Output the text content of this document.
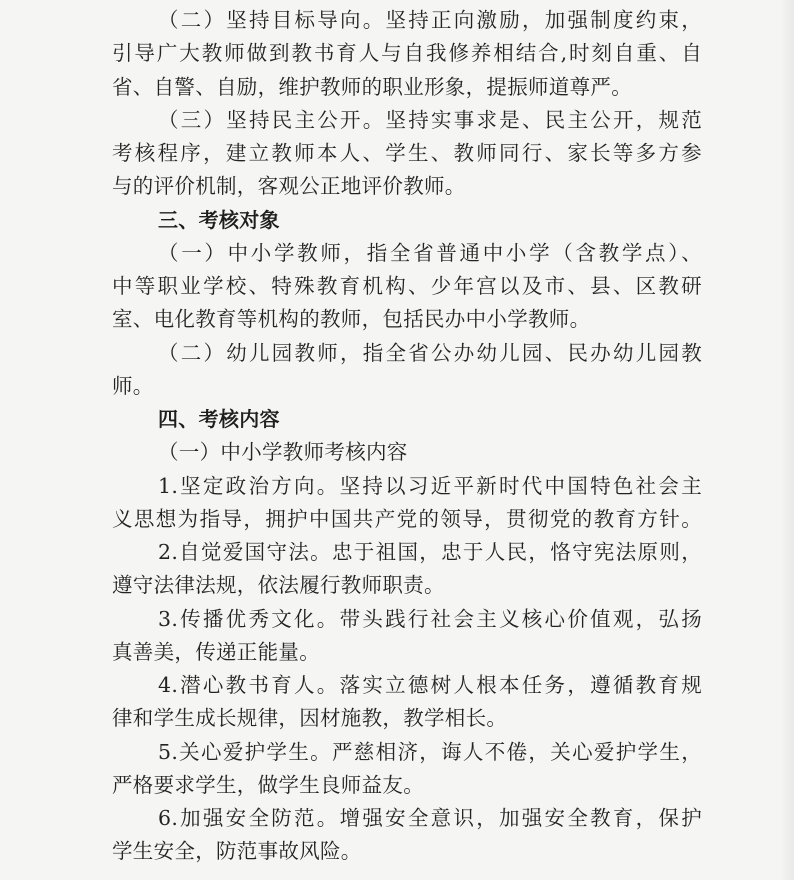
（二）坚持目标导向。坚持正向激励，加强制度约束，
引导广大教师做到教书育人与自我修养相结合,时刻自重、自
省、自警、自励，维护教师的职业形象，提振师道尊严。
（三）坚持民主公开。坚持实事求是、民主公开，规范
考核程序，建立教师本人、学生、教师同行、家长等多方参
与的评价机制，客观公正地评价教师。
三、考核对象
（一）中小学教师，指全省普通中小学（含教学点）、
中等职业学校、特殊教育机构、少年宫以及市、县、区教研
室、电化教育等机构的教师，包括民办中小学教师。
（二）幼儿园教师，指全省公办幼儿园、民办幼儿园教
师。
四、考核内容
（一）中小学教师考核内容
1.坚定政治方向。坚持以习近平新时代中国特色社会主
义思想为指导，拥护中国共产党的领导，贯彻党的教育方针。
2.自觉爱国守法。忠于祖国，忠于人民，恪守宪法原则，
遵守法律法规，依法履行教师职责。
3.传播优秀文化。带头践行社会主义核心价值观，弘扬
真善美，传递正能量。
4.潜心教书育人。落实立德树人根本任务，遵循教育规
律和学生成长规律，因材施教，教学相长。
5.关心爱护学生。严慈相济，诲人不倦，关心爱护学生，
严格要求学生，做学生良师益友。
6.加强安全防范。增强安全意识，加强安全教育，保护
学生安全，防范事故风险。
